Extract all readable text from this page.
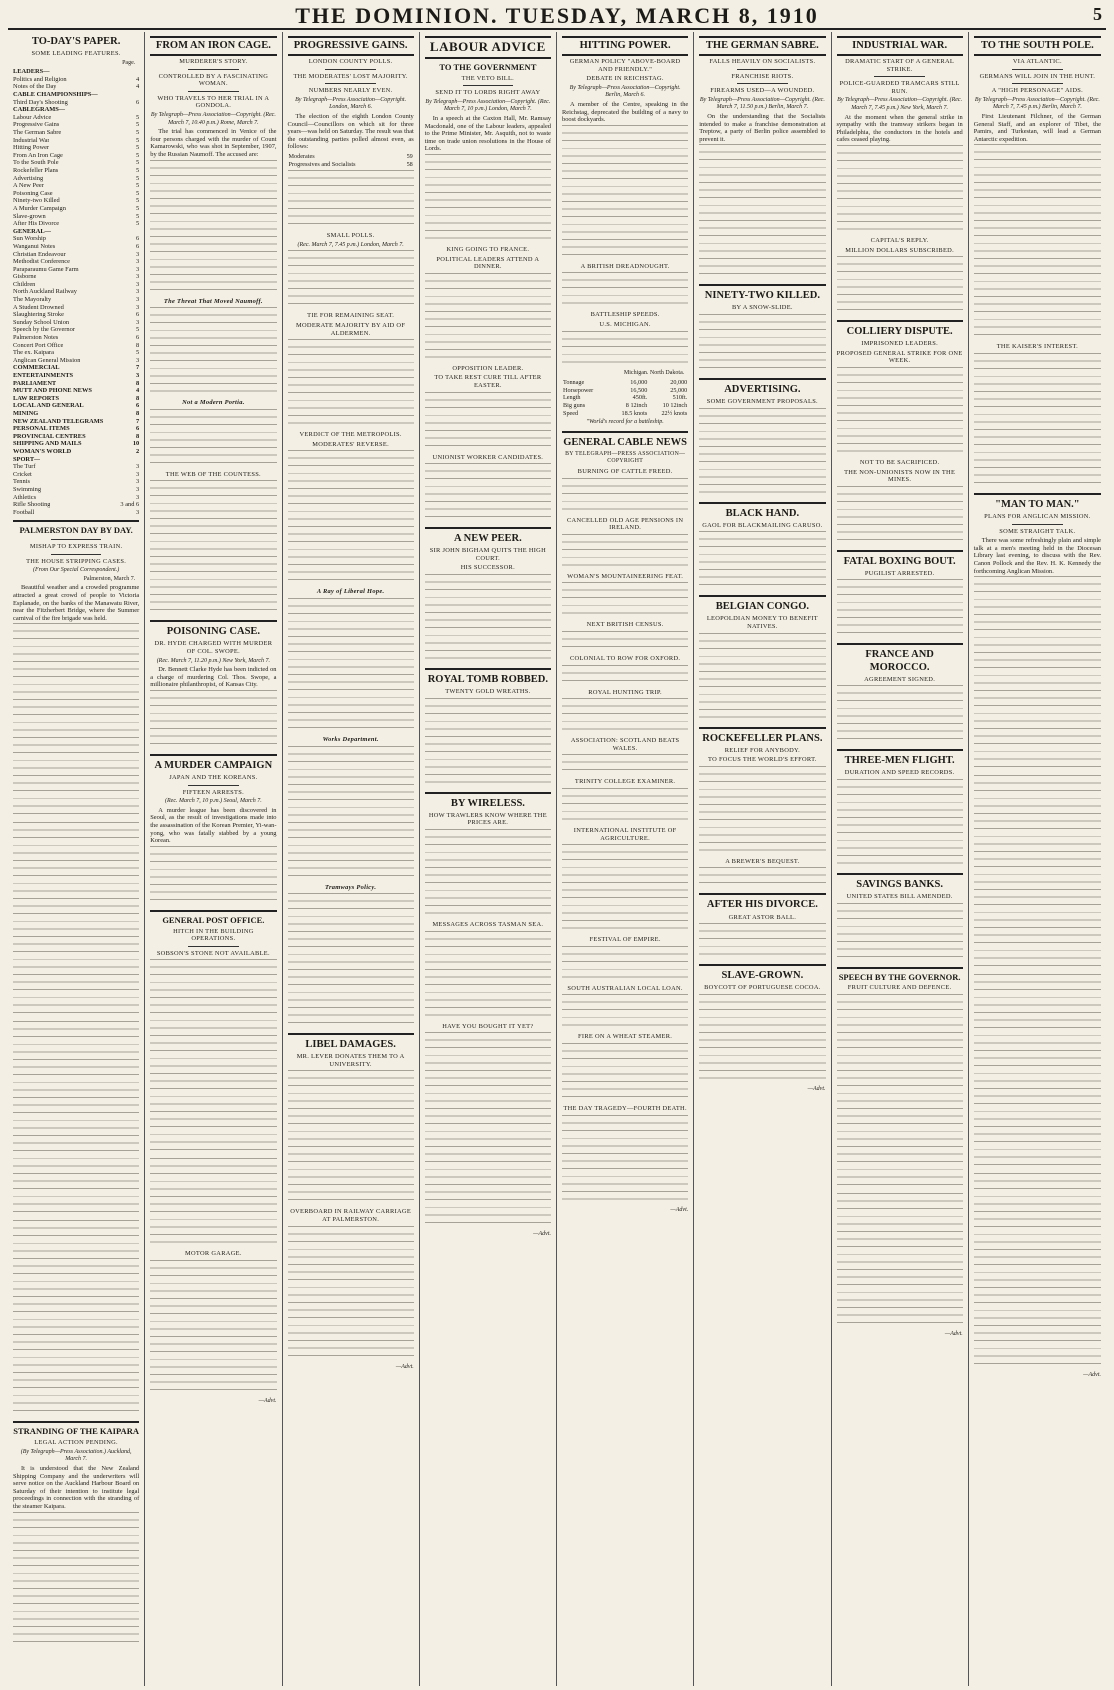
THE DOMINION. TUESDAY, MARCH 8, 1910	5
TO-DAY'S PAPER.
SOME LEADING FEATURES.
Page.
LEADERS—
Politics and Religion	4
Notes of the Day	4
CABLE CHAMPIONSHIPS—
Third Day's Shooting	6
CABLEGRAMS—
Labour Advice	5
Progressive Gains	5
The German Sabre	5
Industrial War	5
Hitting Power	5
From An Iron Cage	5
To the South Pole	5
Rockefeller Plans	5
Advertising	5
A New Peer	5
Poisoning Case	5
Ninety-two Killed	5
A Murder Campaign	5
Slave-grown	5
After His Divorce	5
GENERAL—
Sun Worship	6
Wanganui Notes	6
Christian Endeavour	3
Methodist Conference	3
Paraparaumu Game Farm	3
Gisborne	3
Children	3
North Auckland Railway	3
The Mayoralty	3
A Student Drowned	3
Slaughtering Stroke	6
Sunday School Union	3
Speech by the Governor	5
Palmerston Notes	6
Concert Port Office	8
The ex. Kaipara	5
Anglican General Mission	3
COMMERCIAL	7
ENTERTAINMENTS	3
PARLIAMENT	8
MUTT AND PHONE NEWS	4
LAW REPORTS	8
LOCAL AND GENERAL	6
MINING	8
NEW ZEALAND TELEGRAMS	7
PERSONAL ITEMS	6
PROVINCIAL CENTRES	8
SHIPPING AND MAILS	10
WOMAN'S WORLD	2
SPORT—
The Turf	3
Cricket	3
Tennis	3
Swimming	3
Athletics	3
Rifle Shooting	3 and 6
Football	3
PALMERSTON DAY BY DAY.
MISHAP TO EXPRESS TRAIN.
THE HOUSE STRIPPING CASES.
(From Our Special Correspondent.)
Palmerston, March 7.

Beautiful weather and a crowded programme attracted a great crowd of people to Victoria Esplanade, on the banks of the Manawatu River, near the Fitzherbert Bridge, where the Summer carnival of the fire brigade was held.

STRANDING OF THE KAIPARA
LEGAL ACTION PENDING.
(By Telegraph—Press Association.) Auckland, March 7.

It is understood that the New Zealand Shipping Company and the underwriters will serve notice on the Auckland Harbour Board on Saturday of their intention to institute legal proceedings in connection with the stranding of the steamer Kaipara.

FROM AN IRON CAGE.
MURDERER'S STORY.
CONTROLLED BY A FASCINATING WOMAN.
WHO TRAVELS TO HER TRIAL IN A GONDOLA.
By Telegraph—Press Association—Copyright. (Rec. March 7, 10.40 p.m.) Rome, March 7.

The trial has commenced in Venice of the four persons charged with the murder of Count Kamarowski, who was shot in September, 1907, by the Russian Naumoff. The accused are:

The Threat That Moved Naumoff.

Not a Modern Portia.

THE WEB OF THE COUNTESS.

POISONING CASE.
DR. HYDE CHARGED WITH MURDER OF COL. SWOPE.
(Rec. March 7, 11.20 p.m.) New York, March 7.

Dr. Bennett Clarke Hyde has been indicted on a charge of murdering Col. Thos. Swope, a millionaire philanthropist, of Kansas City.

A MURDER CAMPAIGN
JAPAN AND THE KOREANS.
FIFTEEN ARRESTS.
(Rec. March 7, 10 p.m.) Seoul, March 7.

A murder league has been discovered in Seoul, as the result of investigations made into the assassination of the Korean Premier, Yi-wan-yong, who was fatally stabbed by a young Korean.

GENERAL POST OFFICE.
HITCH IN THE BUILDING OPERATIONS.
SOBSON'S STONE NOT AVAILABLE.

MOTOR GARAGE.

—Advt.
PROGRESSIVE GAINS.
LONDON COUNTY POLLS.
THE MODERATES' LOST MAJORITY.
NUMBERS NEARLY EVEN.
By Telegraph—Press Association—Copyright. London, March 6.

The election of the eighth London County Council—Councillors on which sit for three years—was held on Saturday. The result was that the outstanding parties polled almost even, as follows:

Moderates	59
Progressives and Socialists	58

SMALL POLLS.
(Rec. March 7, 7.45 p.m.) London, March 7.

TIE FOR REMAINING SEAT.
MODERATE MAJORITY BY AID OF ALDERMEN.

VERDICT OF THE METROPOLIS.
MODERATES' REVERSE.

A Ray of Liberal Hope.

Works Department.

Tramways Policy.

LIBEL DAMAGES.
MR. LEVER DONATES THEM TO A UNIVERSITY.

OVERBOARD IN RAILWAY CARRIAGE AT PALMERSTON.

—Advt.
LABOUR ADVICE
TO THE GOVERNMENT
THE VETO BILL.
SEND IT TO LORDS RIGHT AWAY
By Telegraph—Press Association—Copyright. (Rec. March 7, 10 p.m.) London, March 7.

In a speech at the Caxton Hall, Mr. Ramsay Macdonald, one of the Labour leaders, appealed to the Prime Minister, Mr. Asquith, not to waste time on trade union resolutions in the House of Lords.

KING GOING TO FRANCE.
POLITICAL LEADERS ATTEND A DINNER.

OPPOSITION LEADER.
TO TAKE REST CURE TILL AFTER EASTER.

UNIONIST WORKER CANDIDATES.

A NEW PEER.
SIR JOHN BIGHAM QUITS THE HIGH COURT.
HIS SUCCESSOR.

ROYAL TOMB ROBBED.
TWENTY GOLD WREATHS.

BY WIRELESS.
HOW TRAWLERS KNOW WHERE THE PRICES ARE.

MESSAGES ACROSS TASMAN SEA.

HAVE YOU BOUGHT IT YET?

—Advt.
HITTING POWER.
GERMAN POLICY "ABOVE-BOARD AND FRIENDLY."
DEBATE IN REICHSTAG.
By Telegraph—Press Association—Copyright. Berlin, March 6.

A member of the Centre, speaking in the Reichstag, deprecated the building of a navy to boost dockyards.

A BRITISH DREADNOUGHT.

BATTLESHIP SPEEDS.
U.S. MICHIGAN.

Michigan. North Dakota.
Tonnage	16,000	20,000
Horsepower	16,500	25,000
Length	450ft.	510ft.
Big guns	8 12inch	10 12inch
Speed	18.5 knots	22½ knots
"World's record for a battleship.
GENERAL CABLE NEWS
BY TELEGRAPH—PRESS ASSOCIATION—COPYRIGHT
BURNING OF CATTLE FREED.

CANCELLED OLD AGE PENSIONS IN IRELAND.

WOMAN'S MOUNTAINEERING FEAT.

NEXT BRITISH CENSUS.

COLONIAL TO ROW FOR OXFORD.

ROYAL HUNTING TRIP.

ASSOCIATION: SCOTLAND BEATS WALES.

TRINITY COLLEGE EXAMINER.

INTERNATIONAL INSTITUTE OF AGRICULTURE.

FESTIVAL OF EMPIRE.

SOUTH AUSTRALIAN LOCAL LOAN.

FIRE ON A WHEAT STEAMER.

THE DAY TRAGEDY—FOURTH DEATH.

—Advt.
THE GERMAN SABRE.
FALLS HEAVILY ON SOCIALISTS.
FRANCHISE RIOTS.
FIREARMS USED—A WOUNDED.
By Telegraph—Press Association—Copyright. (Rec. March 7, 11.50 p.m.) Berlin, March 7.

On the understanding that the Socialists intended to make a franchise demonstration at Treptow, a party of Berlin police assembled to prevent it.

NINETY-TWO KILLED.
BY A SNOW-SLIDE.

ADVERTISING.
SOME GOVERNMENT PROPOSALS.

BLACK HAND.
GAOL FOR BLACKMAILING CARUSO.

BELGIAN CONGO.
LEOPOLDIAN MONEY TO BENEFIT NATIVES.

ROCKEFELLER PLANS.
RELIEF FOR ANYBODY.
TO FOCUS THE WORLD'S EFFORT.

A BREWER'S BEQUEST.

AFTER HIS DIVORCE.
GREAT ASTOR BALL.

SLAVE-GROWN.
BOYCOTT OF PORTUGUESE COCOA.

—Advt.
INDUSTRIAL WAR.
DRAMATIC START OF A GENERAL STRIKE.
POLICE-GUARDED TRAMCARS STILL RUN.
By Telegraph—Press Association—Copyright. (Rec. March 7, 7.45 p.m.) New York, March 7.

At the moment when the general strike in sympathy with the tramway strikers began in Philadelphia, the conductors in the hotels and cafes ceased playing.

CAPITAL'S REPLY.
MILLION DOLLARS SUBSCRIBED.

COLLIERY DISPUTE.
IMPRISONED LEADERS.
PROPOSED GENERAL STRIKE FOR ONE WEEK.

NOT TO BE SACRIFICED.
THE NON-UNIONISTS NOW IN THE MINES.

FATAL BOXING BOUT.
PUGILIST ARRESTED.

FRANCE AND MOROCCO.
AGREEMENT SIGNED.

THREE-MEN FLIGHT.
DURATION AND SPEED RECORDS.

SAVINGS BANKS.
UNITED STATES BILL AMENDED.

SPEECH BY THE GOVERNOR.
FRUIT CULTURE AND DEFENCE.

—Advt.
TO THE SOUTH POLE.
VIA ATLANTIC.
GERMANS WILL JOIN IN THE HUNT.
A "HIGH PERSONAGE" AIDS.
By Telegraph—Press Association—Copyright. (Rec. March 7, 7.45 p.m.) Berlin, March 7.

First Lieutenant Filchner, of the German General Staff, and an explorer of Tibet, the Pamirs, and Turkestan, will lead a German Antarctic expedition.

THE KAISER'S INTEREST.

"MAN TO MAN."
PLANS FOR ANGLICAN MISSION.
SOME STRAIGHT TALK.

There was some refreshingly plain and simple talk at a men's meeting held in the Diocesan Library last evening, to discuss with the Rev. Canon Pollock and the Rev. H. K. Kennedy the forthcoming Anglican Mission.

—Advt.
